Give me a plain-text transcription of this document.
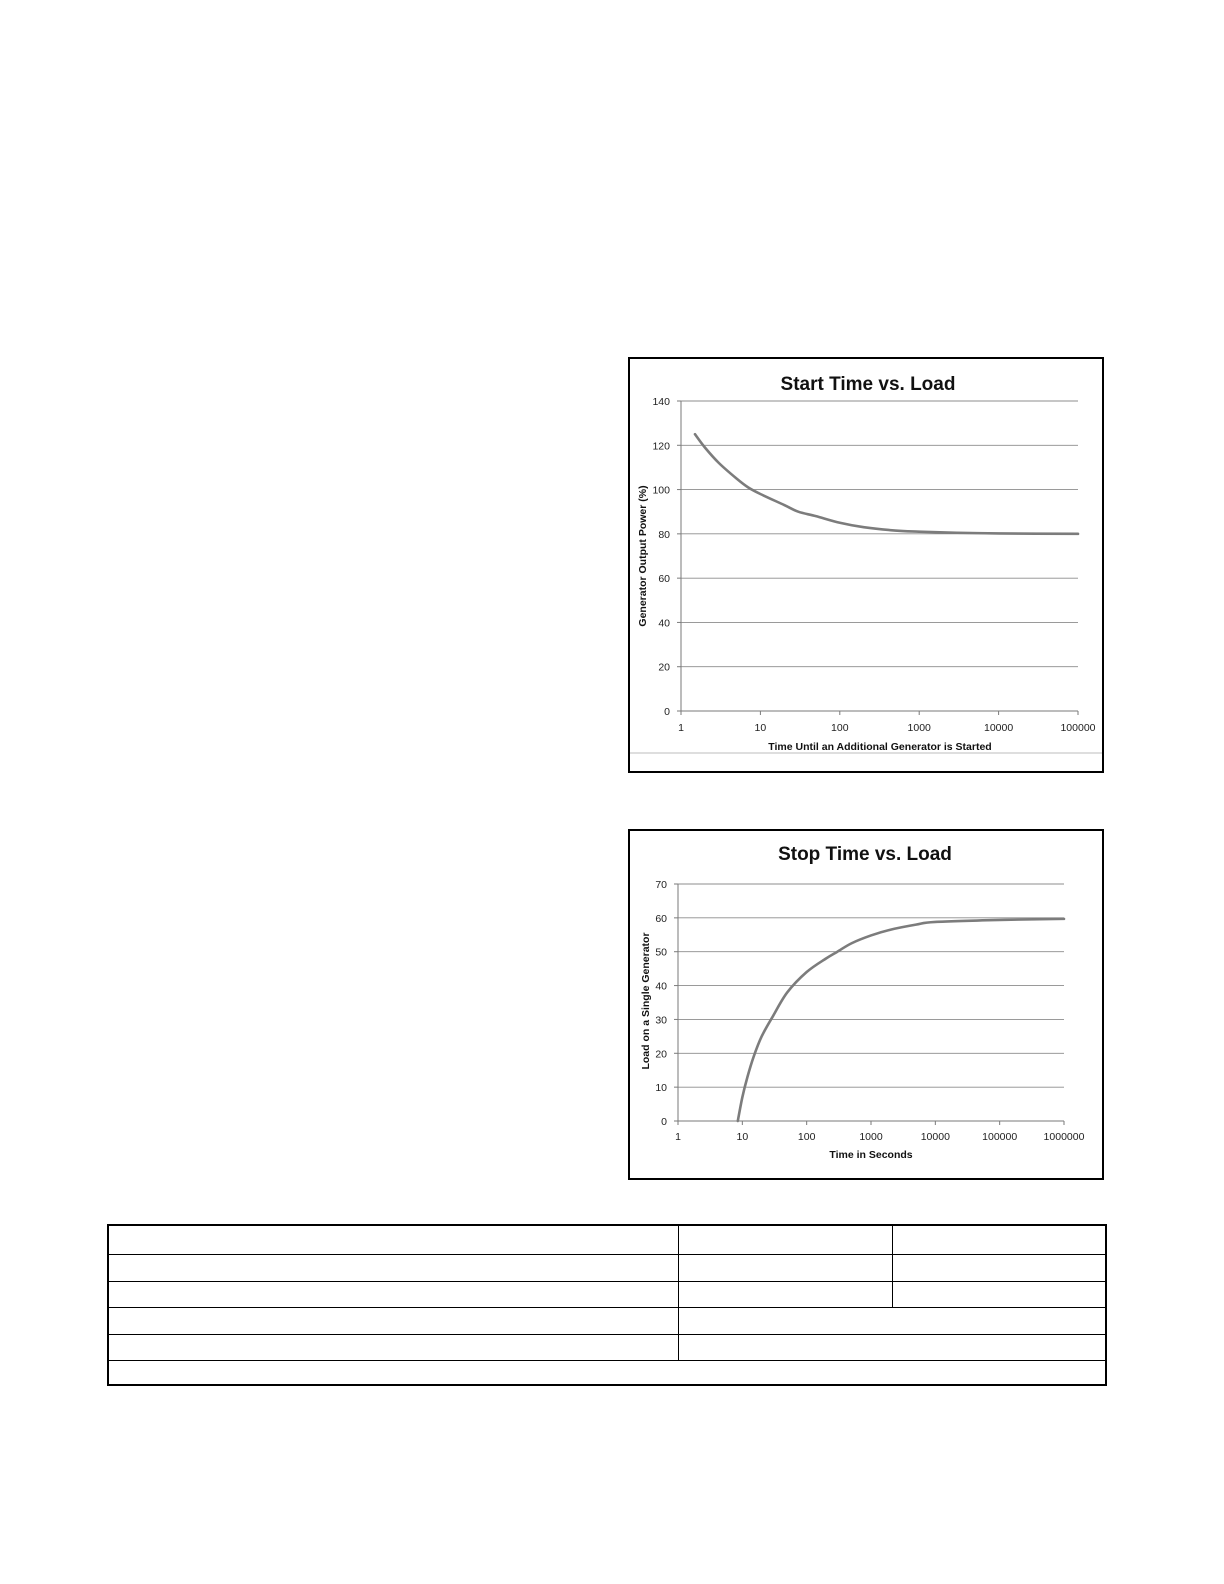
Start Time vs. Load
0
20
40
60
80
100
120
140
1	10	100	1000	10000	100000
Time Until an Additional Generator is Started
Generator Output Power (%)
Stop Time vs. Load
0
10
20
30
40
50
60
70
1	10	100	1000	10000	100000	1000000
Time in Seconds
Load on a Single Generator
